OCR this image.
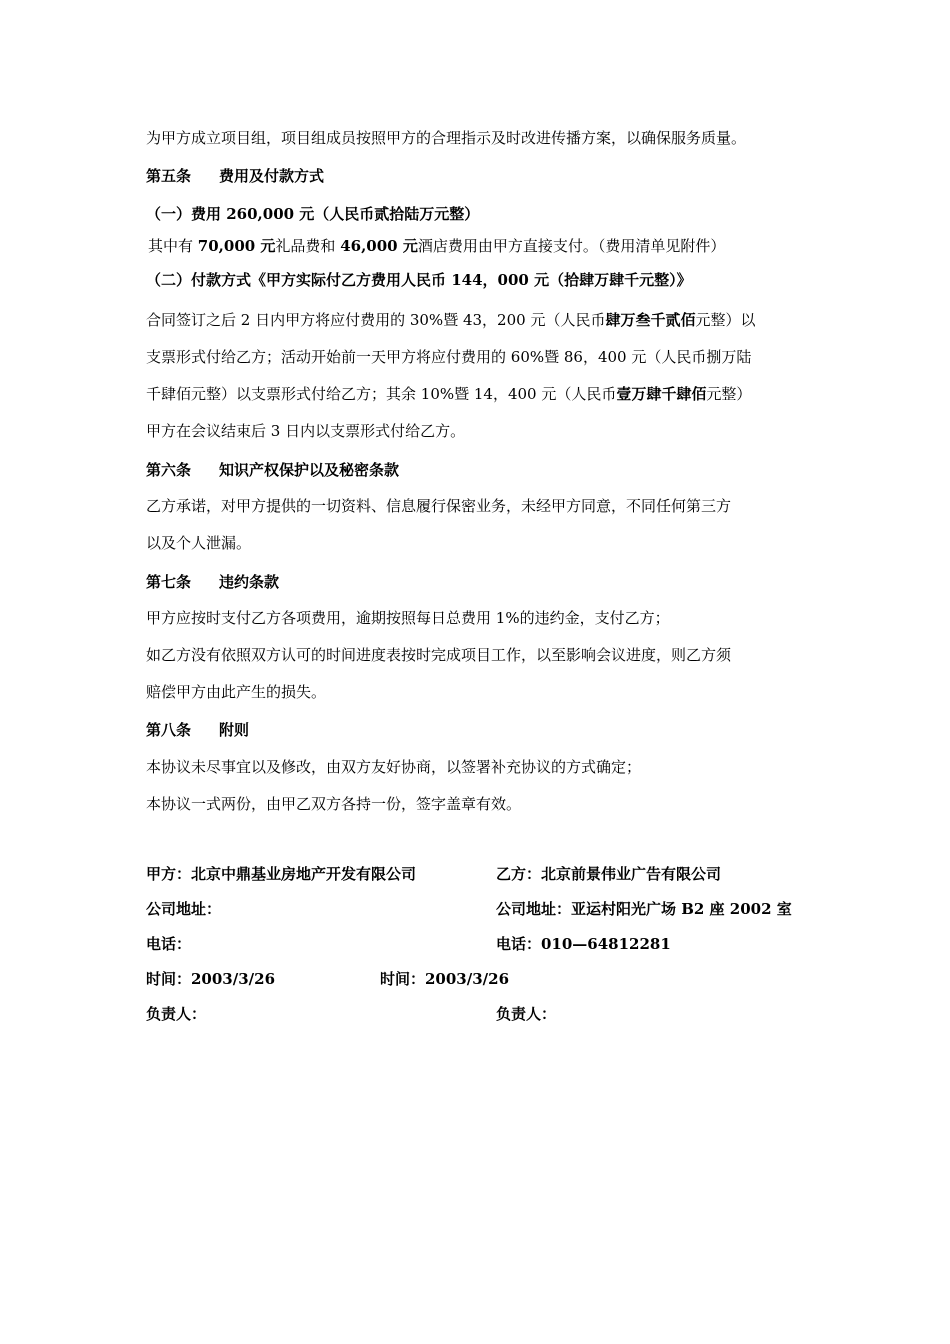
为甲方成立项目组，项目组成员按照甲方的合理指示及时改进传播方案，以确保服务质量。
第五条 费用及付款方式
（一）费用 260,000 元（人民币贰拾陆万元整）
其中有 70,000 元礼品费和 46,000 元酒店费用由甲方直接支付。（费用清单见附件）
（二）付款方式《甲方实际付乙方费用人民币 144，000 元（拾肆万肆千元整）》
合同签订之后 2 日内甲方将应付费用的 30%暨 43，200 元（人民币肆万叁千贰佰元整）以
支票形式付给乙方；活动开始前一天甲方将应付费用的 60%暨 86，400 元（人民币捌万陆
千肆佰元整）以支票形式付给乙方；其余 10%暨 14，400 元（人民币壹万肆千肆佰元整）
甲方在会议结束后 3 日内以支票形式付给乙方。
第六条 知识产权保护以及秘密条款
乙方承诺，对甲方提供的一切资料、信息履行保密业务，未经甲方同意，不同任何第三方
以及个人泄漏。
第七条 违约条款
甲方应按时支付乙方各项费用，逾期按照每日总费用 1%的违约金，支付乙方；
如乙方没有依照双方认可的时间进度表按时完成项目工作，以至影响会议进度，则乙方须
赔偿甲方由此产生的损失。
第八条 附则
本协议未尽事宜以及修改，由双方友好协商，以签署补充协议的方式确定；
本协议一式两份，由甲乙双方各持一份，签字盖章有效。
甲方：北京中鼎基业房地产开发有限公司	乙方：北京前景伟业广告有限公司
公司地址：	公司地址：亚运村阳光广场 B2 座 2002 室
电话：	电话：010—64812281
时间：2003/3/26	时间：2003/3/26
负责人：	负责人：
